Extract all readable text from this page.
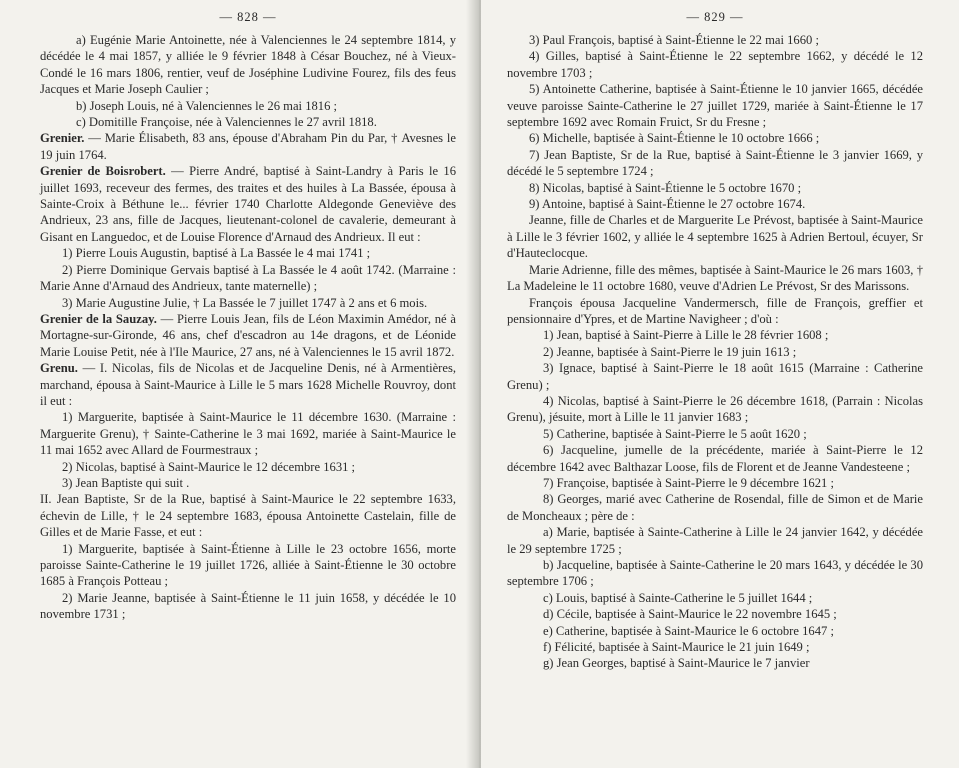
— 828 —

a) Eugénie Marie Antoinette, née à Valenciennes le 24 septembre 1814, y décédée le 4 mai 1857, y alliée le 9 février 1848 à César Bouchez, né à Vieux-Condé le 16 mars 1806, rentier, veuf de Joséphine Ludivine Fourez, fils des feus Jacques et Marie Joseph Caulier ;

b) Joseph Louis, né à Valenciennes le 26 mai 1816 ;

c) Domitille Françoise, née à Valenciennes le 27 avril 1818.

Grenier. — Marie Élisabeth, 83 ans, épouse d'Abraham Pin du Par, † Avesnes le 19 juin 1764.

Grenier de Boisrobert. — Pierre André, baptisé à Saint-Landry à Paris le 16 juillet 1693, receveur des fermes, des traites et des huiles à La Bassée, épousa à Sainte-Croix à Béthune le... février 1740 Charlotte Aldegonde Geneviève des Andrieux, 23 ans, fille de Jacques, lieutenant-colonel de cavalerie, demeurant à Gisant en Languedoc, et de Louise Florence d'Arnaud des Andrieux. Il eut :

1) Pierre Louis Augustin, baptisé à La Bassée le 4 mai 1741 ;

2) Pierre Dominique Gervais baptisé à La Bassée le 4 août 1742. (Marraine : Marie Anne d'Arnaud des Andrieux, tante maternelle) ;

3) Marie Augustine Julie, † La Bassée le 7 juillet 1747 à 2 ans et 6 mois.

Grenier de la Sauzay. — Pierre Louis Jean, fils de Léon Maximin Amédor, né à Mortagne-sur-Gironde, 46 ans, chef d'escadron au 14e dragons, et de Léonide Marie Louise Petit, née à l'Ile Maurice, 27 ans, né à Valenciennes le 15 avril 1872.

Grenu. — I. Nicolas, fils de Nicolas et de Jacqueline Denis, né à Armentières, marchand, épousa à Saint-Maurice à Lille le 5 mars 1628 Michelle Rouvroy, dont il eut :

1) Marguerite, baptisée à Saint-Maurice le 11 décembre 1630. (Marraine : Marguerite Grenu), † Sainte-Catherine le 3 mai 1692, mariée à Saint-Maurice le 11 mai 1652 avec Allard de Fourmestraux ;

2) Nicolas, baptisé à Saint-Maurice le 12 décembre 1631 ;

3) Jean Baptiste qui suit .

II. Jean Baptiste, Sr de la Rue, baptisé à Saint-Maurice le 22 septembre 1633, échevin de Lille, † le 24 septembre 1683, épousa Antoinette Castelain, fille de Gilles et de Marie Fasse, et eut :

1) Marguerite, baptisée à Saint-Étienne à Lille le 23 octobre 1656, morte paroisse Sainte-Catherine le 19 juillet 1726, alliée à Saint-Étienne le 30 octobre 1685 à François Potteau ;

2) Marie Jeanne, baptisée à Saint-Étienne le 11 juin 1658, y décédée le 10 novembre 1731 ;

— 829 —

3) Paul François, baptisé à Saint-Étienne le 22 mai 1660 ;

4) Gilles, baptisé à Saint-Étienne le 22 septembre 1662, y décédé le 12 novembre 1703 ;

5) Antoinette Catherine, baptisée à Saint-Étienne le 10 janvier 1665, décédée veuve paroisse Sainte-Catherine le 27 juillet 1729, mariée à Saint-Étienne le 17 septembre 1692 avec Romain Fruict, Sr du Fresne ;

6) Michelle, baptisée à Saint-Étienne le 10 octobre 1666 ;

7) Jean Baptiste, Sr de la Rue, baptisé à Saint-Étienne le 3 janvier 1669, y décédé le 5 septembre 1724 ;

8) Nicolas, baptisé à Saint-Étienne le 5 octobre 1670 ;

9) Antoine, baptisé à Saint-Étienne le 27 octobre 1674.

Jeanne, fille de Charles et de Marguerite Le Prévost, baptisée à Saint-Maurice à Lille le 3 février 1602, y alliée le 4 septembre 1625 à Adrien Bertoul, écuyer, Sr d'Hauteclocque.

Marie Adrienne, fille des mêmes, baptisée à Saint-Maurice le 26 mars 1603, † La Madeleine le 11 octobre 1680, veuve d'Adrien Le Prévost, Sr des Marissons.

François épousa Jacqueline Vandermersch, fille de François, greffier et pensionnaire d'Ypres, et de Martine Navigheer ; d'où :

1) Jean, baptisé à Saint-Pierre à Lille le 28 février 1608 ;

2) Jeanne, baptisée à Saint-Pierre le 19 juin 1613 ;

3) Ignace, baptisé à Saint-Pierre le 18 août 1615 (Marraine : Catherine Grenu) ;

4) Nicolas, baptisé à Saint-Pierre le 26 décembre 1618, (Parrain : Nicolas Grenu), jésuite, mort à Lille le 11 janvier 1683 ;

5) Catherine, baptisée à Saint-Pierre le 5 août 1620 ;

6) Jacqueline, jumelle de la précédente, mariée à Saint-Pierre le 12 décembre 1642 avec Balthazar Loose, fils de Florent et de Jeanne Vandesteene ;

7) Françoise, baptisée à Saint-Pierre le 9 décembre 1621 ;

8) Georges, marié avec Catherine de Rosendal, fille de Simon et de Marie de Moncheaux ; père de :

a) Marie, baptisée à Sainte-Catherine à Lille le 24 janvier 1642, y décédée le 29 septembre 1725 ;

b) Jacqueline, baptisée à Sainte-Catherine le 20 mars 1643, y décédée le 30 septembre 1706 ;

c) Louis, baptisé à Sainte-Catherine le 5 juillet 1644 ;

d) Cécile, baptisée à Saint-Maurice le 22 novembre 1645 ;

e) Catherine, baptisée à Saint-Maurice le 6 octobre 1647 ;

f) Félicité, baptisée à Saint-Maurice le 21 juin 1649 ;

g) Jean Georges, baptisé à Saint-Maurice le 7 janvier
